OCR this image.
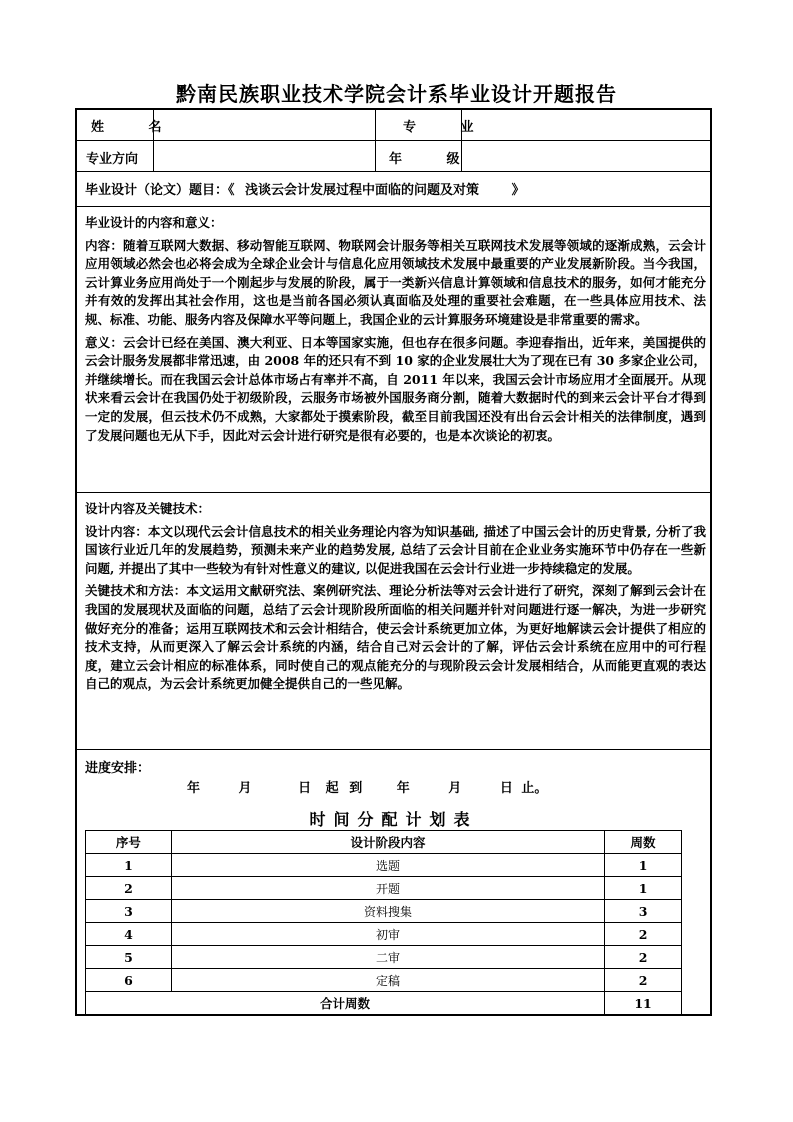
黔南民族职业技术学院会计系毕业设计开题报告
姓 名	专 业
专业方向	年 级
毕业设计（论文）题目：《 浅谈云会计发展过程中面临的问题及对策	》
毕业设计的内容和意义：

内容：随着互联网大数据、移动智能互联网、物联网会计服务等相关互联网技术发展等领域的逐渐成熟，云会计应用领域必然会也必将会成为全球企业会计与信息化应用领域技术发展中最重要的产业发展新阶段。当今我国，云计算业务应用尚处于一个刚起步与发展的阶段，属于一类新兴信息计算领域和信息技术的服务，如何才能充分并有效的发挥出其社会作用，这也是当前各国必须认真面临及处理的重要社会难题，在一些具体应用技术、法规、标准、功能、服务内容及保障水平等问题上，我国企业的云计算服务环境建设是非常重要的需求。

意义：云会计已经在美国、澳大利亚、日本等国家实施，但也存在很多问题。李迎春指出，近年来，美国提供的云会计服务发展都非常迅速，由 2008 年的还只有不到 10 家的企业发展壮大为了现在已有 30 多家企业公司，并继续增长。而在我国云会计总体市场占有率并不高，自 2011 年以来，我国云会计市场应用才全面展开。从现状来看云会计在我国仍处于初级阶段，云服务市场被外国服务商分割，随着大数据时代的到来云会计平台才得到一定的发展，但云技术仍不成熟，大家都处于摸索阶段，截至目前我国还没有出台云会计相关的法律制度，遇到了发展问题也无从下手，因此对云会计进行研究是很有必要的，也是本次谈论的初衷。

设计内容及关键技术：

设计内容：本文以现代云会计信息技术的相关业务理论内容为知识基础, 描述了中国云会计的历史背景, 分析了我国该行业近几年的发展趋势，预测未来产业的趋势发展, 总结了云会计目前在企业业务实施环节中仍存在一些新问题, 并提出了其中一些较为有针对性意义的建议, 以促进我国在云会计行业进一步持续稳定的发展。

关键技术和方法：本文运用文献研究法、案例研究法、理论分析法等对云会计进行了研究，深刻了解到云会计在我国的发展现状及面临的问题，总结了云会计现阶段所面临的相关问题并针对问题进行逐一解决，为进一步研究做好充分的准备；运用互联网技术和云会计相结合，使云会计系统更加立体，为更好地解读云会计提供了相应的技术支持，从而更深入了解云会计系统的内涵，结合自己对云会计的了解，评估云会计系统在应用中的可行程度，建立云会计相应的标准体系，同时使自己的观点能充分的与现阶段云会计发展相结合，从而能更直观的表达自己的观点，为云会计系统更加健全提供自己的一些见解。

进度安排：
年	月	日 起 到	年	月	日 止。
时间分配计划表
序号	设计阶段内容	周数
1	选题	1
2	开题	1
3	资料搜集	3
4	初审	2
5	二审	2
6	定稿	2
合计周数		11
